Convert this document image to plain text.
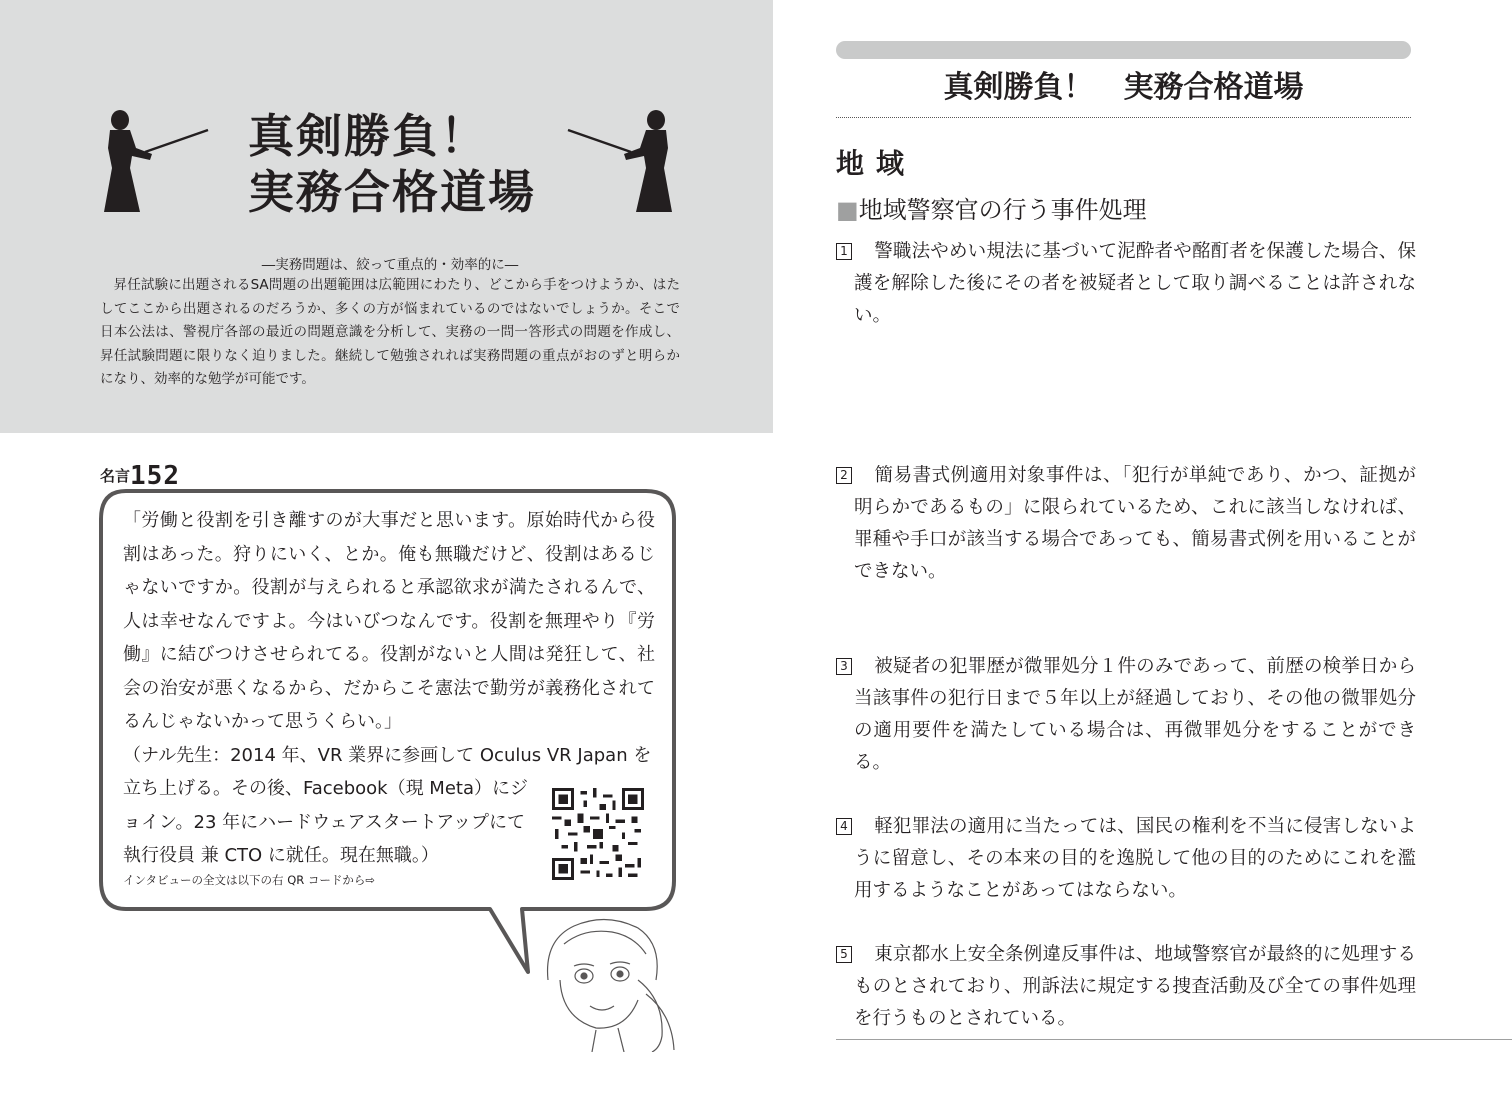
真剣勝負！
実務合格道場
―実務問題は、絞って重点的・効率的に―
昇任試験に出題されるSA問題の出題範囲は広範囲にわたり、どこから手をつけようか、はたしてここから出題されるのだろうか、多くの方が悩まれているのではないでしょうか。そこで日本公法は、警視庁各部の最近の問題意識を分析して、実務の一問一答形式の問題を作成し、昇任試験問題に限りなく迫りました。継続して勉強されれば実務問題の重点がおのずと明らかになり、効率的な勉学が可能です。
名言152

「労働と役割を引き離すのが大事だと思います。原始時代から役割はあった。狩りにいく、とか。俺も無職だけど、役割はあるじゃないですか。役割が与えられると承認欲求が満たされるんで、人は幸せなんですよ。今はいびつなんです。役割を無理やり『労働』に結びつけさせられてる。役割がないと人間は発狂して、社会の治安が悪くなるから、だからこそ憲法で勤労が義務化されてるんじゃないかって思うくらい。」

（ナル先生：2014 年、VR 業界に参画して Oculus VR Japan を

立ち上げる。その後、Facebook（現 Meta）にジョイン。23 年にハードウェアスタートアップにて執行役員 兼 CTO に就任。現在無職。）

インタビューの全文は以下の右 QR コードから⇨

真剣勝負！　実務合格道場
地域
■地域警察官の行う事件処理
1 警職法やめい規法に基づいて泥酔者や酩酊者を保護した場合、保護を解除した後にその者を被疑者として取り調べることは許されない。
2 簡易書式例適用対象事件は、「犯行が単純であり、かつ、証拠が明らかであるもの」に限られているため、これに該当しなければ、罪種や手口が該当する場合であっても、簡易書式例を用いることができない。
3 被疑者の犯罪歴が微罪処分１件のみであって、前歴の検挙日から当該事件の犯行日まで５年以上が経過しており、その他の微罪処分の適用要件を満たしている場合は、再微罪処分をすることができる。
4 軽犯罪法の適用に当たっては、国民の権利を不当に侵害しないように留意し、その本来の目的を逸脱して他の目的のためにこれを濫用するようなことがあってはならない。
5 東京都水上安全条例違反事件は、地域警察官が最終的に処理するものとされており、刑訴法に規定する捜査活動及び全ての事件処理を行うものとされている。
